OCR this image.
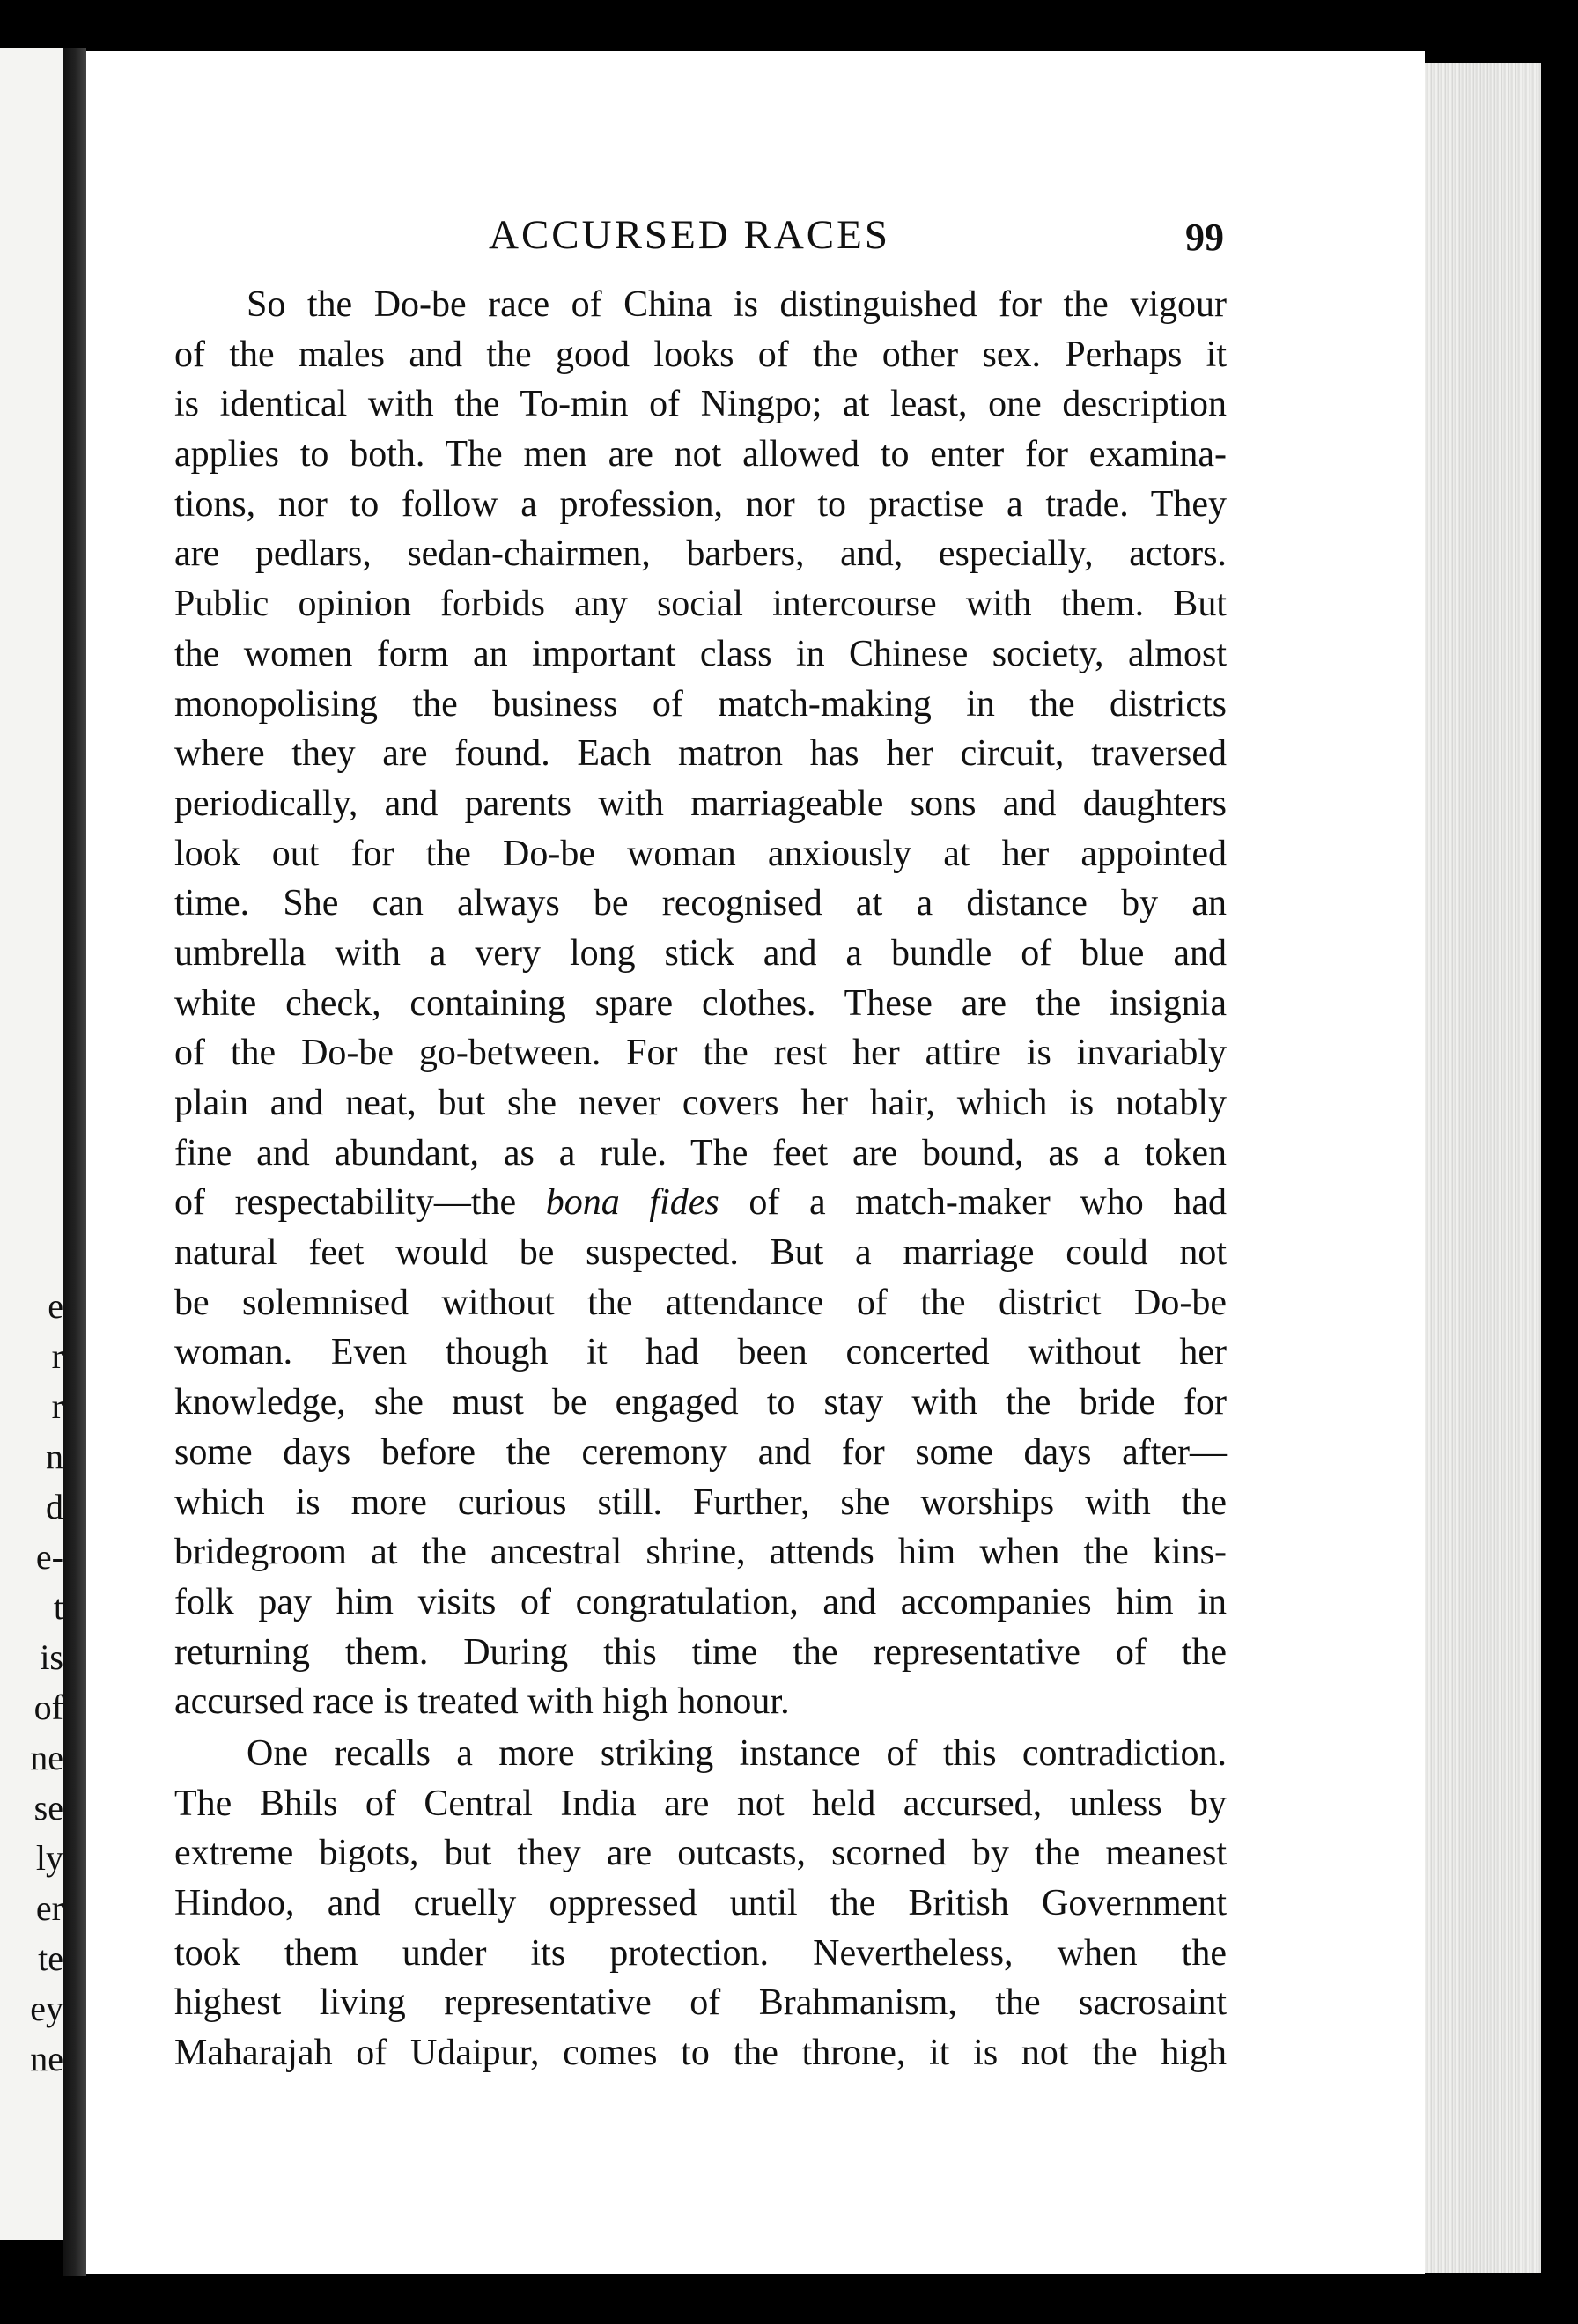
e
r
r
n
d
e-
t
is
of
ne
se
ly
er
te
ey
ne
ACCURSED RACES	99
So the Do-be race of China is distinguished for the vigour
of the males and the good looks of the other sex. Perhaps it
is identical with the To-min of Ningpo; at least, one description
applies to both. The men are not allowed to enter for examina-
tions, nor to follow a profession, nor to practise a trade. They
are pedlars, sedan-chairmen, barbers, and, especially, actors.
Public opinion forbids any social intercourse with them. But
the women form an important class in Chinese society, almost
monopolising the business of match-making in the districts
where they are found. Each matron has her circuit, traversed
periodically, and parents with marriageable sons and daughters
look out for the Do-be woman anxiously at her appointed
time. She can always be recognised at a distance by an
umbrella with a very long stick and a bundle of blue and
white check, containing spare clothes. These are the insignia
of the Do-be go-between. For the rest her attire is invariably
plain and neat, but she never covers her hair, which is notably
fine and abundant, as a rule. The feet are bound, as a token
of respectability—the bona fides of a match-maker who had
natural feet would be suspected. But a marriage could not
be solemnised without the attendance of the district Do-be
woman. Even though it had been concerted without her
knowledge, she must be engaged to stay with the bride for
some days before the ceremony and for some days after—
which is more curious still. Further, she worships with the
bridegroom at the ancestral shrine, attends him when the kins-
folk pay him visits of congratulation, and accompanies him in
returning them. During this time the representative of the
accursed race is treated with high honour.
One recalls a more striking instance of this contradiction.
The Bhils of Central India are not held accursed, unless by
extreme bigots, but they are outcasts, scorned by the meanest
Hindoo, and cruelly oppressed until the British Government
took them under its protection. Nevertheless, when the
highest living representative of Brahmanism, the sacrosaint
Maharajah of Udaipur, comes to the throne, it is not the high
